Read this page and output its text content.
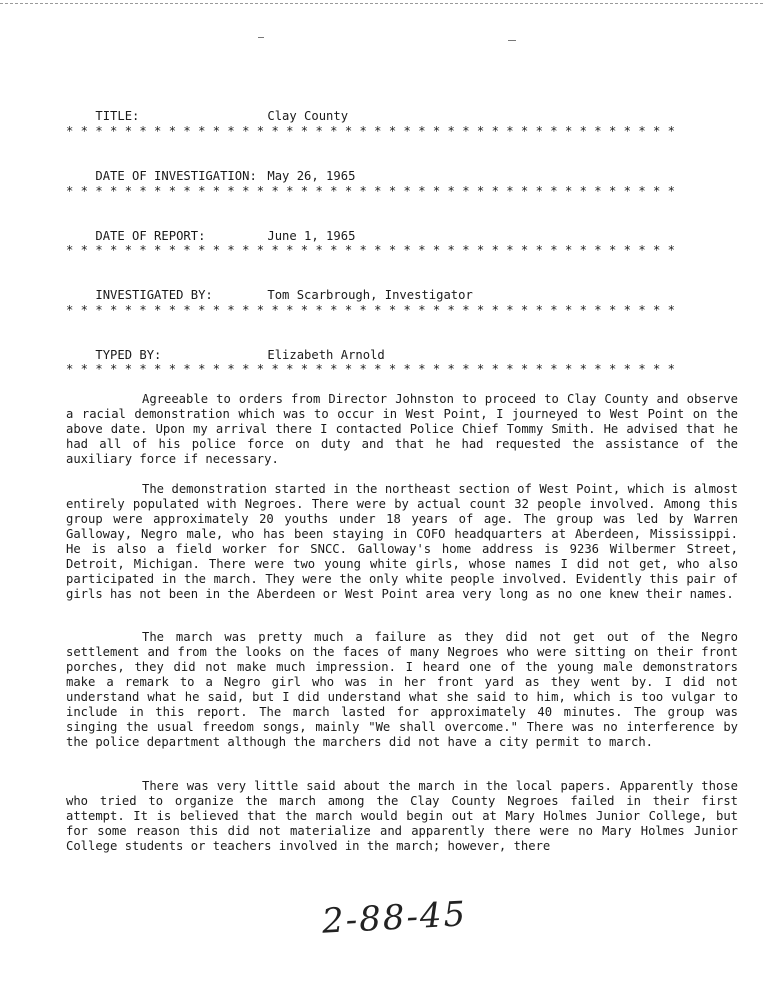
TITLE:	Clay County

* * * * * * * * * * * * * * * * * * * * * * * * * * * * * * * * * * * * * * * * * *

DATE OF INVESTIGATION: May 26, 1965

* * * * * * * * * * * * * * * * * * * * * * * * * * * * * * * * * * * * * * * * * *

DATE OF REPORT:	June 1, 1965

* * * * * * * * * * * * * * * * * * * * * * * * * * * * * * * * * * * * * * * * * *

INVESTIGATED BY:	Tom Scarbrough, Investigator

* * * * * * * * * * * * * * * * * * * * * * * * * * * * * * * * * * * * * * * * * *

TYPED BY:	Elizabeth Arnold

* * * * * * * * * * * * * * * * * * * * * * * * * * * * * * * * * * * * * * * * * *

Agreeable to orders from Director Johnston to proceed to Clay County and observe a racial demonstration which was to occur in West Point, I journeyed to West Point on the above date. Upon my arrival there I contacted Police Chief Tommy Smith. He advised that he had all of his police force on duty and that he had requested the assistance of the auxiliary force if necessary.

The demonstration started in the northeast section of West Point, which is almost entirely populated with Negroes. There were by actual count 32 people involved. Among this group were approximately 20 youths under 18 years of age. The group was led by Warren Galloway, Negro male, who has been staying in COFO headquarters at Aberdeen, Mississippi. He is also a field worker for SNCC. Galloway's home address is 9236 Wilbermer Street, Detroit, Michigan. There were two young white girls, whose names I did not get, who also participated in the march. They were the only white people involved. Evidently this pair of girls has not been in the Aberdeen or West Point area very long as no one knew their names.

The march was pretty much a failure as they did not get out of the Negro settlement and from the looks on the faces of many Negroes who were sitting on their front porches, they did not make much impression. I heard one of the young male demonstrators make a remark to a Negro girl who was in her front yard as they went by. I did not understand what he said, but I did understand what she said to him, which is too vulgar to include in this report. The march lasted for approximately 40 minutes. The group was singing the usual freedom songs, mainly "We shall overcome." There was no interference by the police department although the marchers did not have a city permit to march.

There was very little said about the march in the local papers. Apparently those who tried to organize the march among the Clay County Negroes failed in their first attempt. It is believed that the march would begin out at Mary Holmes Junior College, but for some reason this did not materialize and apparently there were no Mary Holmes Junior College students or teachers involved in the march; however, there

2-88-45
